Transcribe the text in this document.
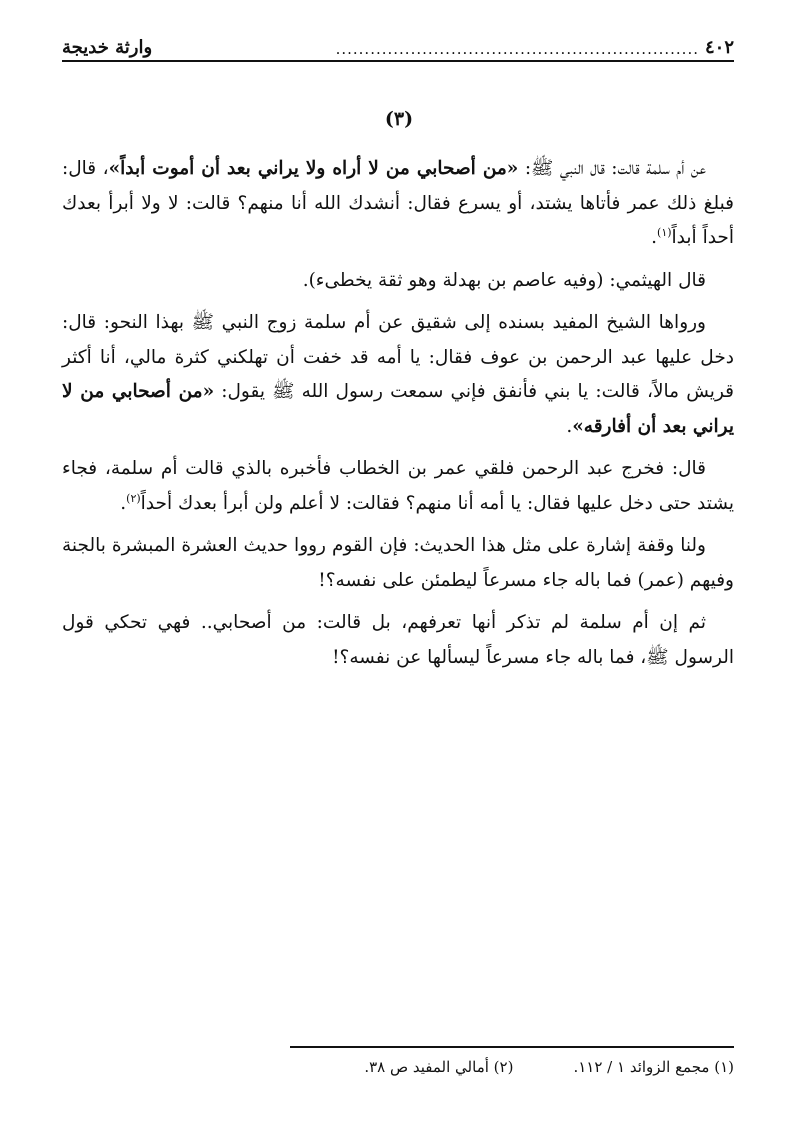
٤٠٢
...............................................................
وارثة خديجة
(٣)

عن أم سلمة قالت: قال النبي ﷺ: «من أصحابي من لا أراه ولا يراني بعد أن أموت أبداً»، قال: فبلغ ذلك عمر فأتاها يشتد، أو يسرع فقال: أنشدك الله أنا منهم؟ قالت: لا ولا أبرأ بعدك أحداً أبداً$^{(١)}$.

قال الهيثمي: (وفيه عاصم بن بهدلة وهو ثقة يخطىء).

ورواها الشيخ المفيد بسنده إلى شقيق عن أم سلمة زوج النبي ﷺ بهذا النحو: قال: دخل عليها عبد الرحمن بن عوف فقال: يا أمه قد خفت أن تهلكني كثرة مالي، أنا أكثر قريش مالاً، قالت: يا بني فأنفق فإني سمعت رسول الله ﷺ يقول: «من أصحابي من لا يراني بعد أن أفارقه».

قال: فخرج عبد الرحمن فلقي عمر بن الخطاب فأخبره بالذي قالت أم سلمة، فجاء يشتد حتى دخل عليها فقال: يا أمه أنا منهم؟ فقالت: لا أعلم ولن أبرأ بعدك أحداً$^{(٢)}$.

ولنا وقفة إشارة على مثل هذا الحديث: فإن القوم رووا حديث العشرة المبشرة بالجنة وفيهم (عمر) فما باله جاء مسرعاً ليطمئن على نفسه؟!

ثم إن أم سلمة لم تذكر أنها تعرفهم، بل قالت: من أصحابي.. فهي تحكي قول الرسول ﷺ، فما باله جاء مسرعاً ليسألها عن نفسه؟!

(١) مجمع الزوائد ١ / ١١٢.
(٢) أمالي المفيد ص ٣٨.
